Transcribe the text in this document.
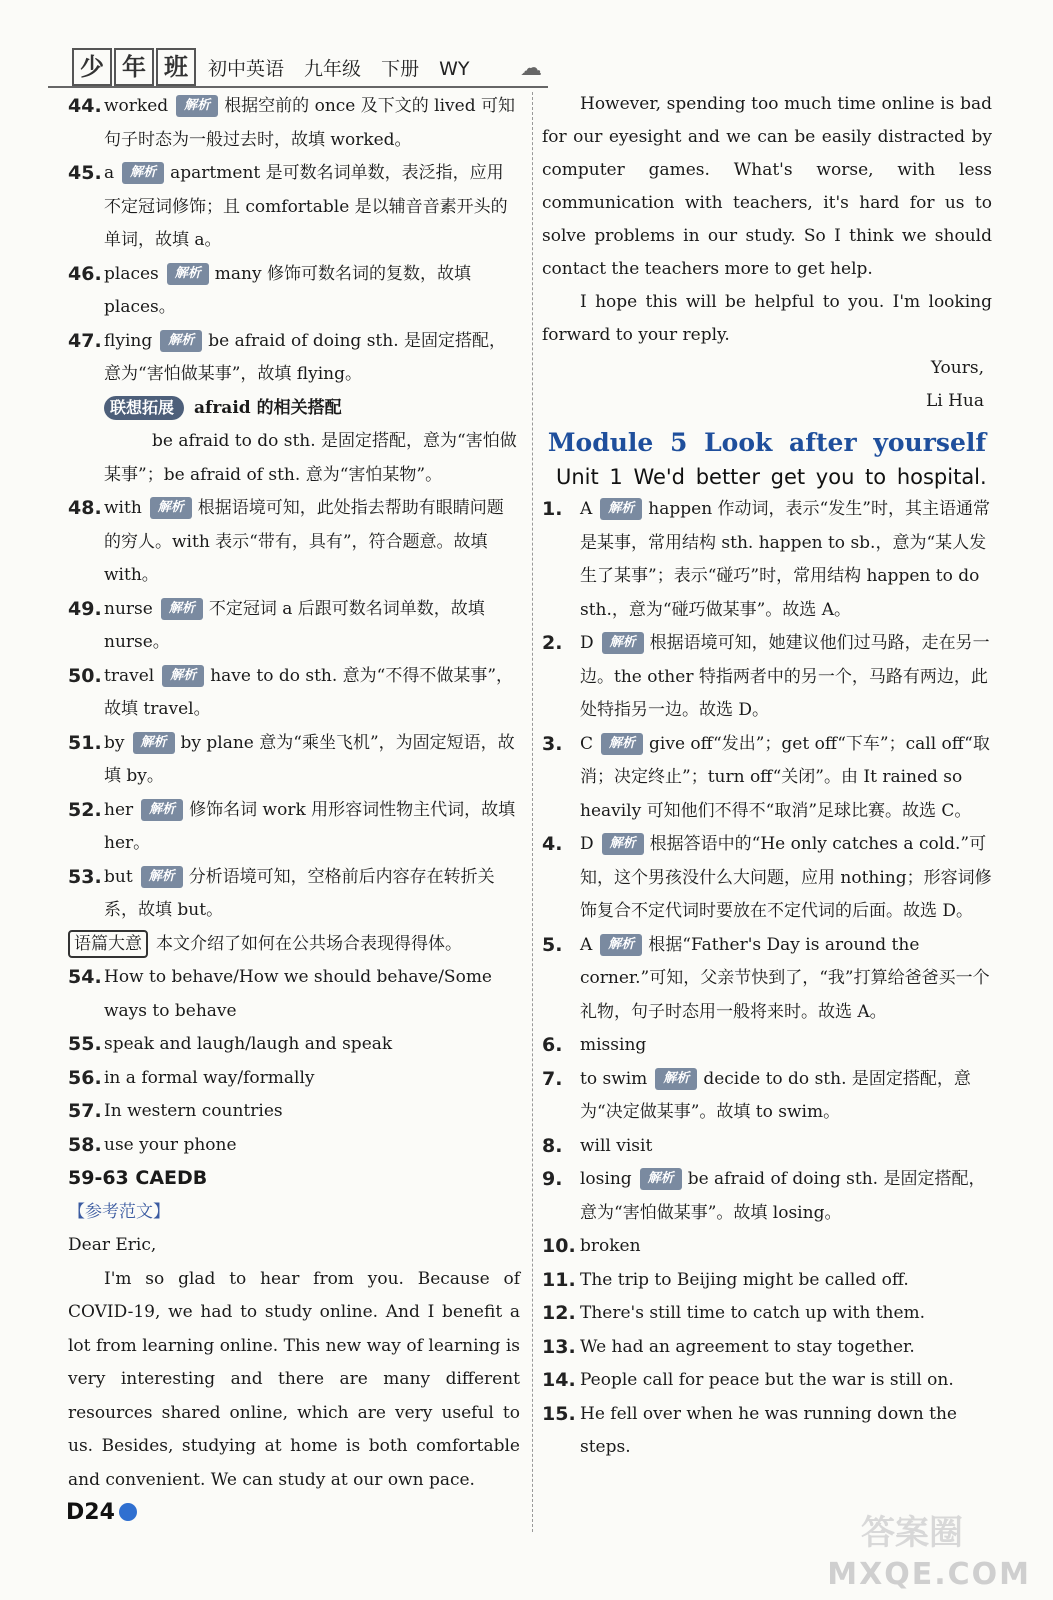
少 年 班	初中英语 九年级 下册 WY ☁
44. worked 解析 根据空前的 once 及下文的 lived 可知句子时态为一般过去时，故填 worked。
45. a 解析 apartment 是可数名词单数，表泛指，应用不定冠词修饰；且 comfortable 是以辅音音素开头的单词，故填 a。
46. places 解析 many 修饰可数名词的复数，故填 places。
47. flying 解析 be afraid of doing sth. 是固定搭配，意为“害怕做某事”，故填 flying。
联想拓展 afraid 的相关搭配

be afraid to do sth. 是固定搭配，意为“害怕做某事”；be afraid of sth. 意为“害怕某物”。

48. with 解析 根据语境可知，此处指去帮助有眼睛问题的穷人。with 表示“带有，具有”，符合题意。故填 with。
49. nurse 解析 不定冠词 a 后跟可数名词单数，故填 nurse。
50. travel 解析 have to do sth. 意为“不得不做某事”，故填 travel。
51. by 解析 by plane 意为“乘坐飞机”，为固定短语，故填 by。
52. her 解析 修饰名词 work 用形容词性物主代词，故填 her。
53. but 解析 分析语境可知，空格前后内容存在转折关系，故填 but。
语篇大意 本文介绍了如何在公共场合表现得得体。
54. How to behave/How we should behave/Some ways to behave
55. speak and laugh/laugh and speak
56. in a formal way/formally
57. In western countries
58. use your phone
59-63 CAEDB
【参考范文】

Dear Eric,

I'm so glad to hear from you. Because of COVID-19, we had to study online. And I benefit a lot from learning online. This new way of learning is very interesting and there are many different resources shared online, which are very useful to us. Besides, studying at home is both comfortable and convenient. We can study at our own pace.

However, spending too much time online is bad for our eyesight and we can be easily distracted by computer games. What's worse, with less communication with teachers, it's hard for us to solve problems in our study. So I think we should contact the teachers more to get help.

I hope this will be helpful to you. I'm looking forward to your reply.

Yours,
Li Hua
Module 5 Look after yourself
Unit 1 We'd better get you to hospital.
1. A 解析 happen 作动词，表示“发生”时，其主语通常是某事，常用结构 sth. happen to sb.，意为“某人发生了某事”；表示“碰巧”时，常用结构 happen to do sth.，意为“碰巧做某事”。故选 A。
2. D 解析 根据语境可知，她建议他们过马路，走在另一边。the other 特指两者中的另一个，马路有两边，此处特指另一边。故选 D。
3. C 解析 give off“发出”；get off“下车”；call off“取消；决定终止”；turn off“关闭”。由 It rained so heavily 可知他们不得不“取消”足球比赛。故选 C。
4. D 解析 根据答语中的“He only catches a cold.”可知，这个男孩没什么大问题，应用 nothing；形容词修饰复合不定代词时要放在不定代词的后面。故选 D。
5. A 解析 根据“Father's Day is around the corner.”可知，父亲节快到了，“我”打算给爸爸买一个礼物，句子时态用一般将来时。故选 A。
6. missing
7. to swim 解析 decide to do sth. 是固定搭配，意为“决定做某事”。故填 to swim。
8. will visit
9. losing 解析 be afraid of doing sth. 是固定搭配，意为“害怕做某事”。故填 losing。
10. broken
11. The trip to Beijing might be called off.
12. There's still time to catch up with them.
13. We had an agreement to stay together.
14. People call for peace but the war is still on.
15. He fell over when he was running down the steps.
D24
答案圈
MXQE.COM
